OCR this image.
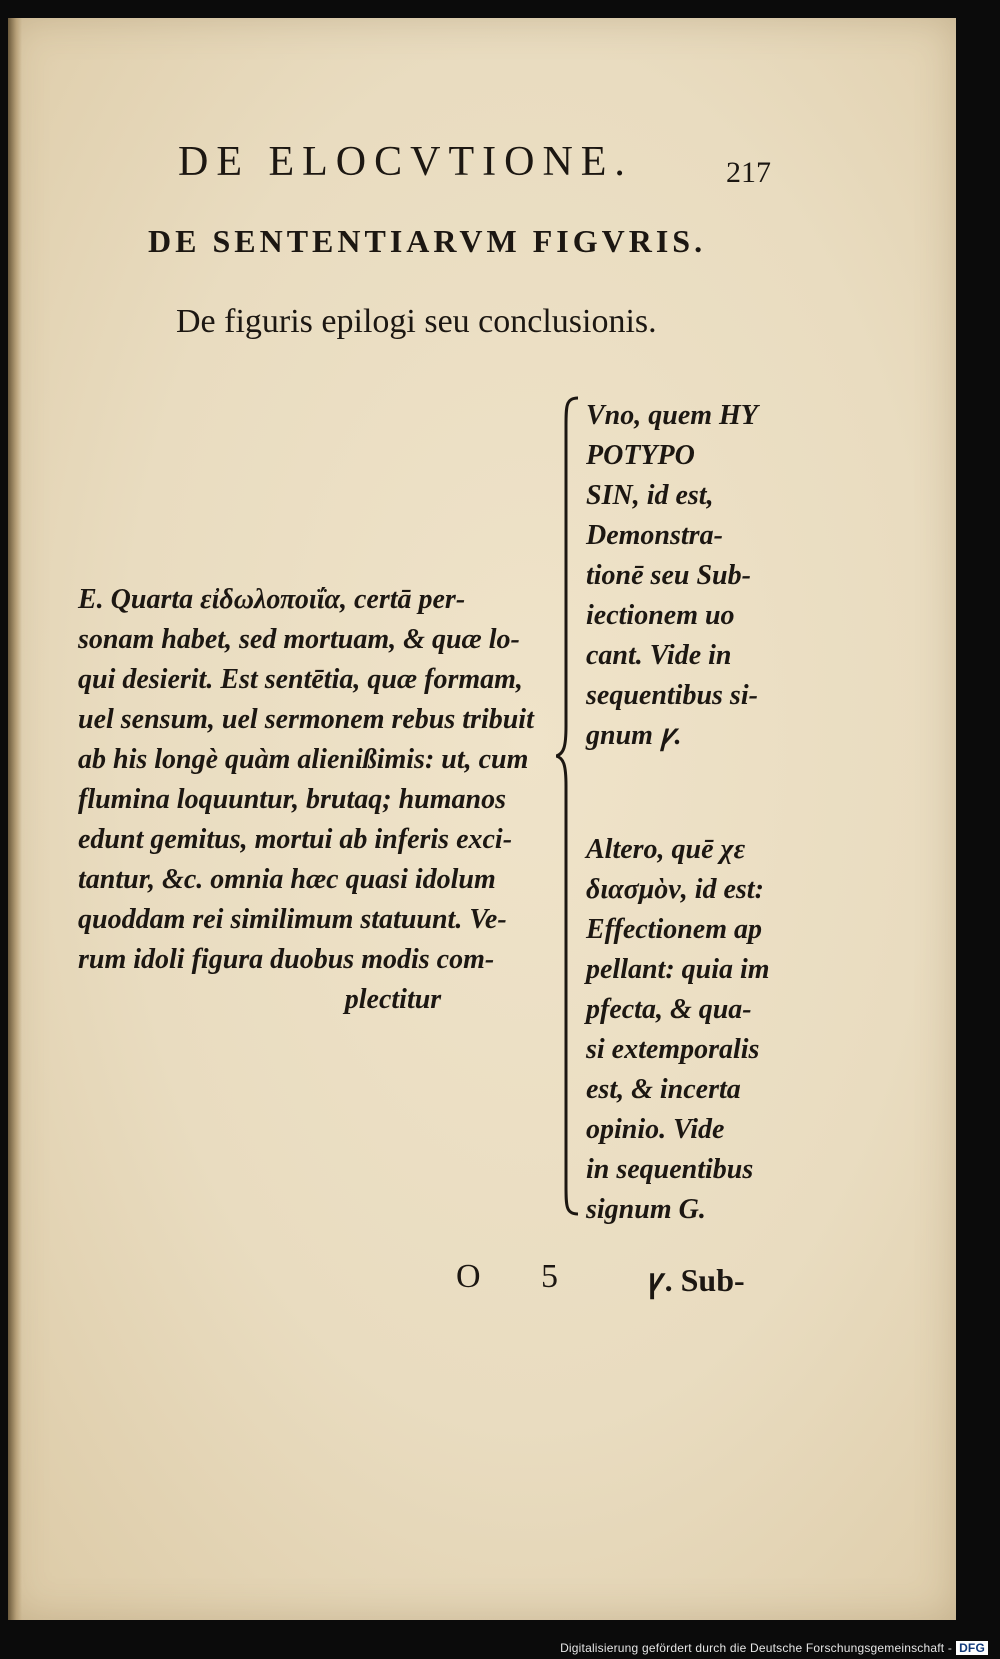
DE ELOCVTIONE.	217
DE SENTENTIARVM FIGVRIS.
De figuris epilogi seu conclusionis.
E. Quarta εἰδωλοποιΐα, certā per-
sonam habet, sed mortuam, & quæ lo-
qui desierit. Est sentētia, quæ formam,
uel sensum, uel sermonem rebus tribuit
ab his longè quàm alienißimis: ut, cum
flumina loquuntur, brutaq; humanos
edunt gemitus, mortui ab inferis exci-
tantur, &c. omnia hæc quasi idolum
quoddam rei similimum statuunt. Ve-
rum idoli figura duobus modis com-
plectitur
Vno, quem HY
POTYPO
SIN, id est,
Demonstra-
tionē seu Sub-
iectionem uo
cant. Vide in
sequentibus si-
gnum ꝩ.
Altero, quē χε
διασμὸν, id est:
Effectionem ap
pellant: quia im
pfecta, & qua-
si extemporalis
est, & incerta
opinio. Vide
in sequentibus
signum G.
O 5 ꝩ. Sub-
Digitalisierung gefördert durch die Deutsche Forschungsgemeinschaft - DFG
